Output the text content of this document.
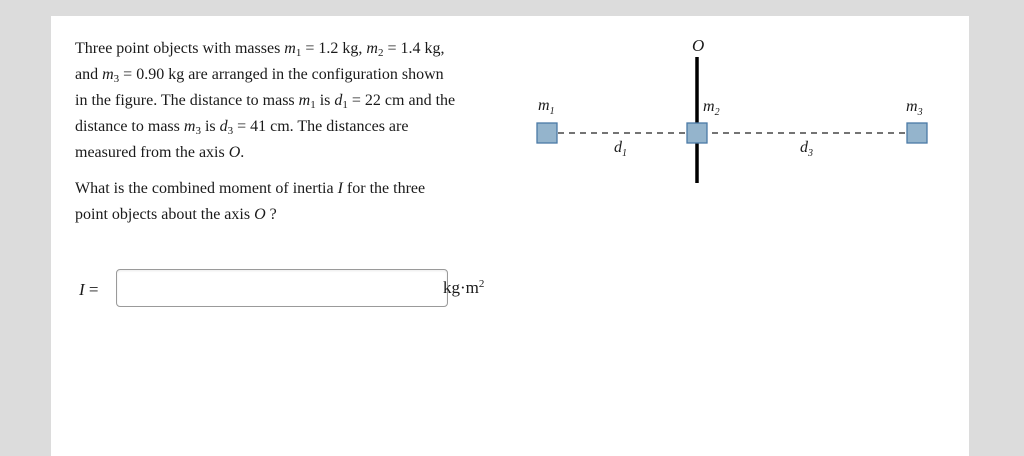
Three point objects with masses $m_1 = 1.2$ kg, $m_2 = 1.4$ kg,
and $m_3 = 0.90$ kg are arranged in the configuration shown
in the figure. The distance to mass $m_1$ is $d_1 = 22$ cm and the
distance to mass $m_3$ is $d_3 = 41$ cm. The distances are
measured from the axis O.

What is the combined moment of inertia I for the three
point objects about the axis O ?

I =	$kg\cdot m^2$
O
$m_1$	$m_2$	$m_3$
$d_1$	$d_3$
